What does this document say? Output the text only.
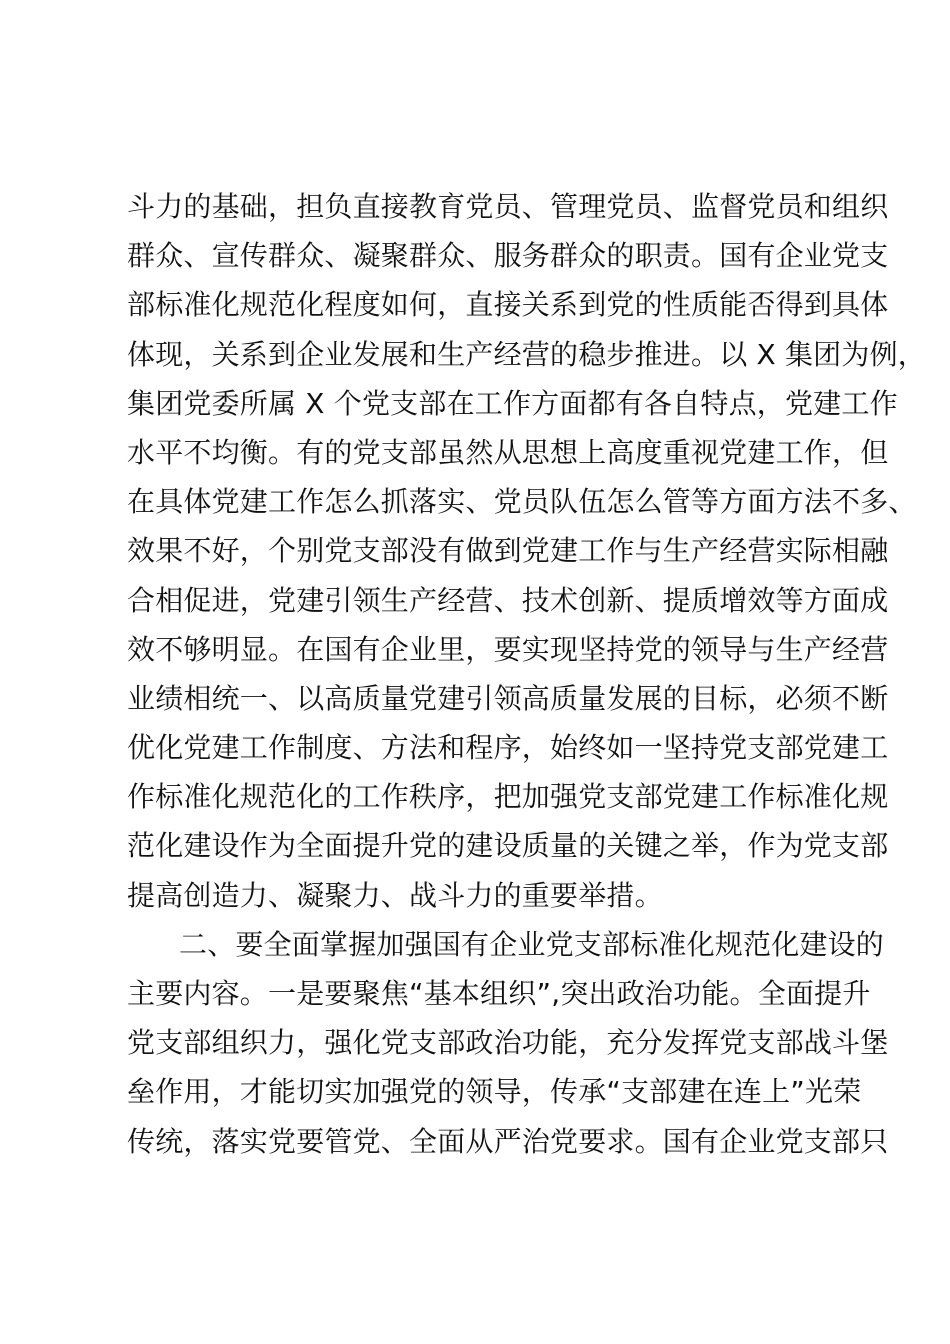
斗力的基础，担负直接教育党员、管理党员、监督党员和组织
群众、宣传群众、凝聚群众、服务群众的职责。国有企业党支
部标准化规范化程度如何，直接关系到党的性质能否得到具体
体现，关系到企业发展和生产经营的稳步推进。以 X 集团为例，
集团党委所属 X 个党支部在工作方面都有各自特点，党建工作
水平不均衡。有的党支部虽然从思想上高度重视党建工作，但
在具体党建工作怎么抓落实、党员队伍怎么管等方面方法不多、
效果不好，个别党支部没有做到党建工作与生产经营实际相融
合相促进，党建引领生产经营、技术创新、提质增效等方面成
效不够明显。在国有企业里，要实现坚持党的领导与生产经营
业绩相统一、以高质量党建引领高质量发展的目标，必须不断
优化党建工作制度、方法和程序，始终如一坚持党支部党建工
作标准化规范化的工作秩序，把加强党支部党建工作标准化规
范化建设作为全面提升党的建设质量的关键之举，作为党支部
提高创造力、凝聚力、战斗力的重要举措。
二、要全面掌握加强国有企业党支部标准化规范化建设的
主要内容。一是要聚焦“基本组织”,突出政治功能。全面提升
党支部组织力，强化党支部政治功能，充分发挥党支部战斗堡
垒作用，才能切实加强党的领导，传承“支部建在连上”光荣
传统，落实党要管党、全面从严治党要求。国有企业党支部只
